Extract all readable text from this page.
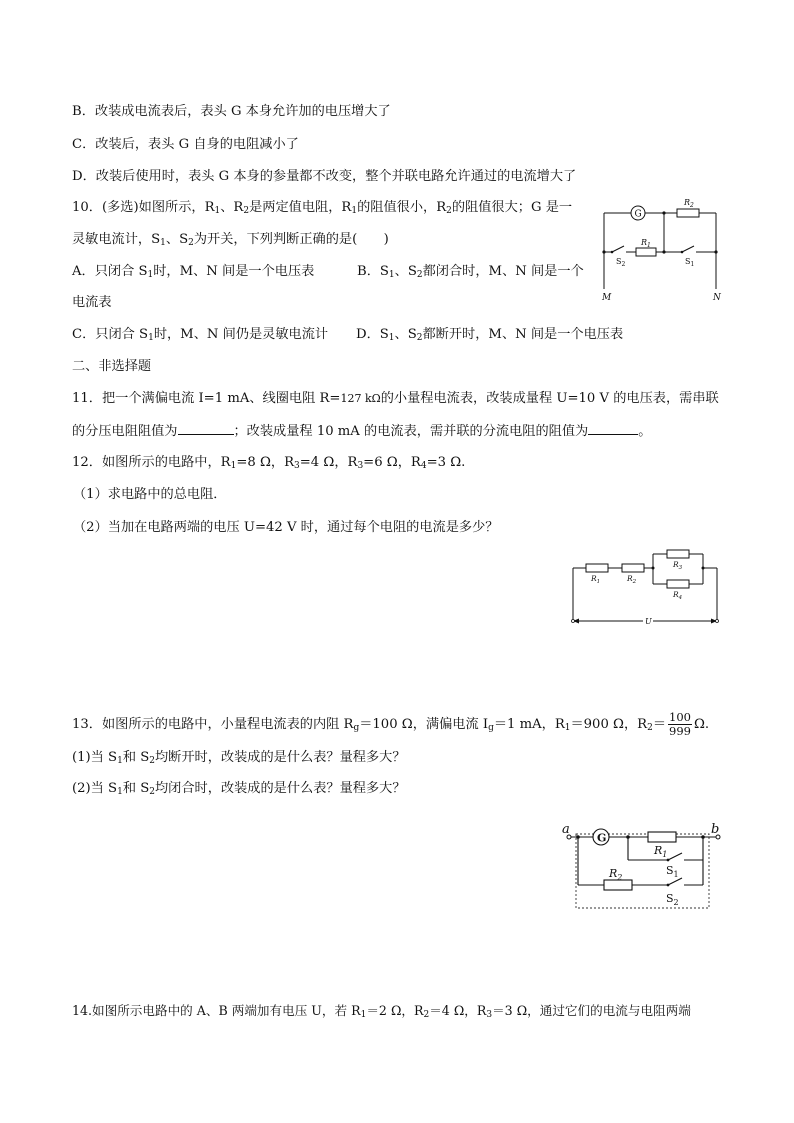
B．改装成电流表后，表头 G 本身允许加的电压增大了
C．改装后，表头 G 自身的电阻减小了
D．改装后使用时，表头 G 本身的参量都不改变，整个并联电路允许通过的电流增大了
10．(多选)如图所示，$R_1$、$R_2$是两定值电阻，$R_1$的阻值很小，$R_2$的阻值很大；G 是一
灵敏电流计，$S_1$、$S_2$为开关，下列判断正确的是(　　)
A．只闭合 $S_1$时，M、N 间是一个电压表	B．$S_1$、$S_2$都闭合时，M、N 间是一个
电流表
C．只闭合 $S_1$时，M、N 间仍是灵敏电流计 D．$S_1$、$S_2$都断开时，M、N 间是一个电压表
G
$R_2$
$R_1$
$S_2$	$S_1$
M	N
二、非选择题
11．把一个满偏电流 I=1 mA、线圈电阻 R=127 kΩ的小量程电流表，改装成量程 U=10 V 的电压表，需串联
的分压电阻阻值为	；改装成量程 10 mA 的电流表，需并联的分流电阻的阻值为	。
12．如图所示的电路中，$R_1=8$ Ω，$R_3=4$ Ω，$R_3=6$ Ω，$R_4=3$ Ω.
（1）求电路中的总电阻．
（2）当加在电路两端的电压 U=42 V 时，通过每个电阻的电流是多少？
$R_1$	$R_2$
$R_3$
$R_4$
U
13．如图所示的电路中，小量程电流表的内阻 $R_g=100$ Ω，满偏电流 $I_g=1$ mA，$R_1=900$ Ω，$R_2= \frac{100}{999} \Omega$.
(1)当 $S_1$和 $S_2$均断开时，改装成的是什么表？量程多大？
(2)当 $S_1$和 $S_2$均闭合时，改装成的是什么表？量程多大？
a	b
G
$R_1$
$S_1$
$R_2$
$S_2$
14.如图所示电路中的 A、B 两端加有电压 U，若 $R_1=2$ Ω，$R_2=4$ Ω，$R_3=3$ Ω，通过它们的电流与电阻两端
